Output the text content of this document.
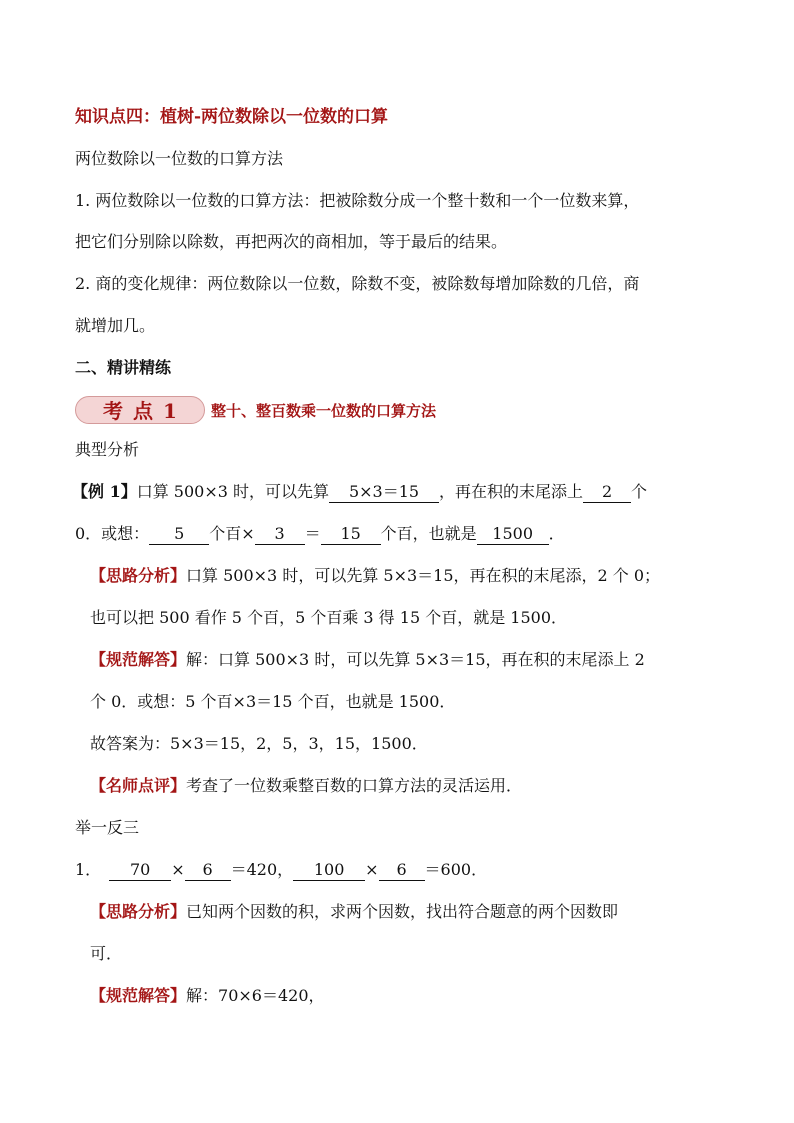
知识点四：植树-两位数除以一位数的口算
两位数除以一位数的口算方法
1. 两位数除以一位数的口算方法：把被除数分成一个整十数和一个一位数来算，
把它们分别除以除数，再把两次的商相加，等于最后的结果。
2. 商的变化规律：两位数除以一位数，除数不变，被除数每增加除数的几倍，商
就增加几。
二、精讲精练
考点1	整十、整百数乘一位数的口算方法
典型分析
【例 1】口算 500×3 时，可以先算 5×3＝15 ，再在积的末尾添上 2 个
0．或想： 5 个百× 3 ＝ 15 个百，也就是 1500 ．
【思路分析】口算 500×3 时，可以先算 5×3＝15，再在积的末尾添，2 个 0；
也可以把 500 看作 5 个百，5 个百乘 3 得 15 个百，就是 1500．
【规范解答】解：口算 500×3 时，可以先算 5×3＝15，再在积的末尾添上 2
个 0．或想：5 个百×3＝15 个百，也就是 1500．
故答案为：5×3＝15，2，5，3，15，1500．
【名师点评】考查了一位数乘整百数的口算方法的灵活运用．
举一反三
1． 70 × 6 ＝420， 100 × 6 ＝600．
【思路分析】已知两个因数的积，求两个因数，找出符合题意的两个因数即
可．
【规范解答】解：70×6＝420，
